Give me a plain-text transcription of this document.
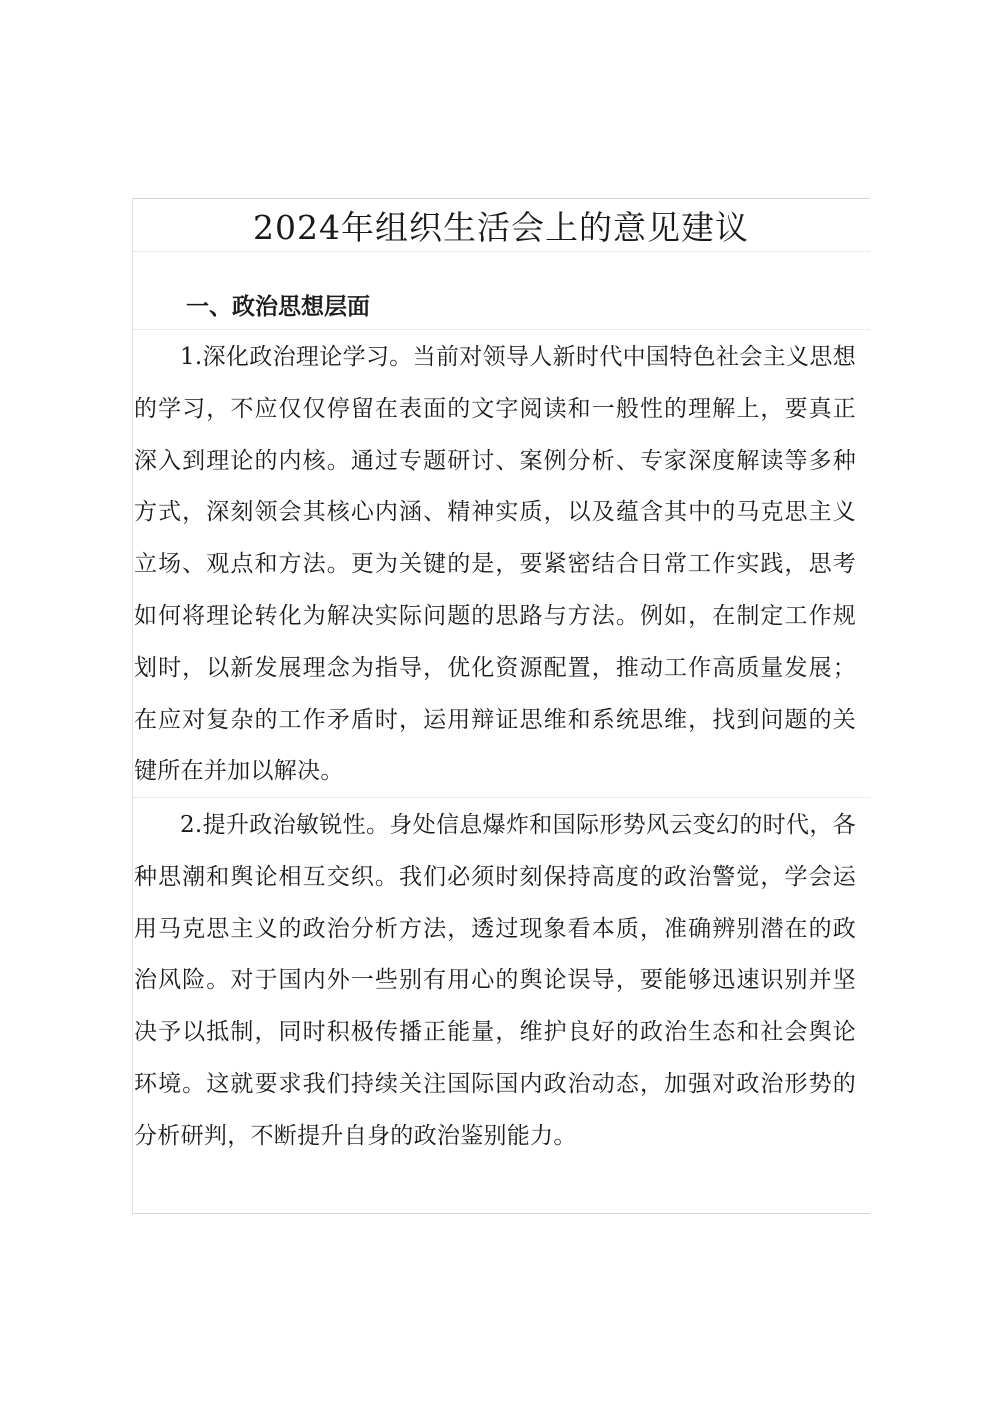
2024年组织生活会上的意见建议
一、政治思想层面

1.深化政治理论学习。当前对领导人新时代中国特色社会主义思想的学习，不应仅仅停留在表面的文字阅读和一般性的理解上，要真正深入到理论的内核。通过专题研讨、案例分析、专家深度解读等多种方式，深刻领会其核心内涵、精神实质，以及蕴含其中的马克思主义立场、观点和方法。更为关键的是，要紧密结合日常工作实践，思考如何将理论转化为解决实际问题的思路与方法。例如，在制定工作规划时，以新发展理念为指导，优化资源配置，推动工作高质量发展；在应对复杂的工作矛盾时，运用辩证思维和系统思维，找到问题的关键所在并加以解决。

2.提升政治敏锐性。身处信息爆炸和国际形势风云变幻的时代，各种思潮和舆论相互交织。我们必须时刻保持高度的政治警觉，学会运用马克思主义的政治分析方法，透过现象看本质，准确辨别潜在的政治风险。对于国内外一些别有用心的舆论误导，要能够迅速识别并坚决予以抵制，同时积极传播正能量，维护良好的政治生态和社会舆论环境。这就要求我们持续关注国际国内政治动态，加强对政治形势的分析研判，不断提升自身的政治鉴别能力。
